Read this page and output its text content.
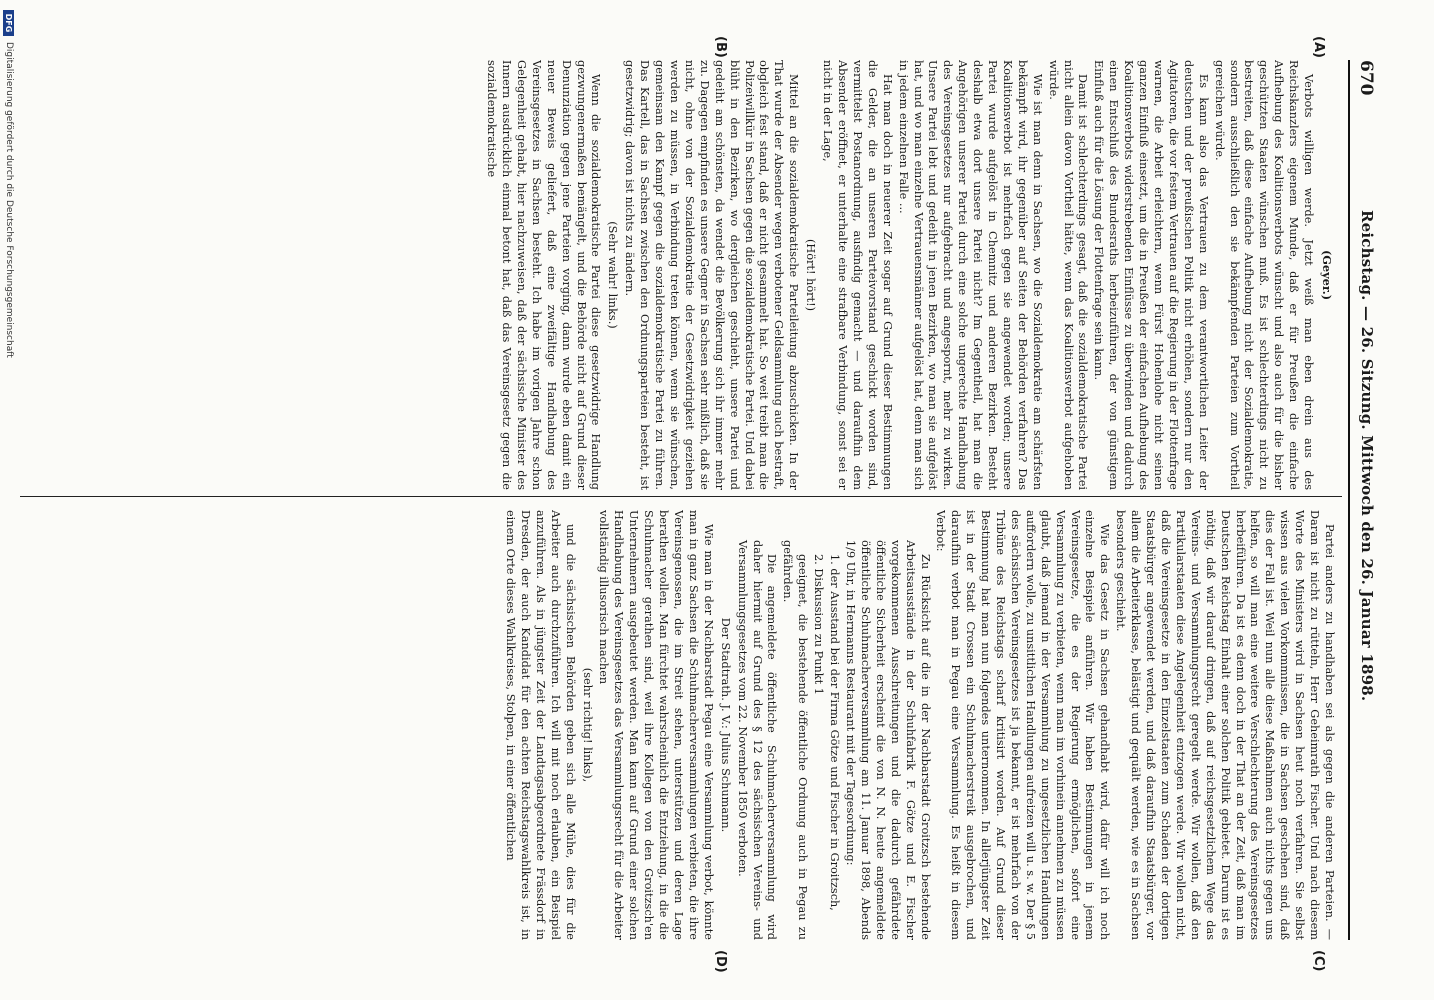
670
Reichstag. — 26. Sitzung. Mittwoch den 26. Januar 1898.
(A)
(B)
(C)
(D)
(Geyer.)

Verbots willigen werde. Jetzt weiß man eben drein aus des Reichskanzlers eigenem Munde, daß er für Preußen die einfache Aufhebung des Koalitionsverbots wünscht und also auch für die bisher geschützten Staaten wünschen muß. Es ist schlechterdings nicht zu bestreiten, daß diese einfache Aufhebung nicht der Sozialdemokratie, sondern ausschließlich den sie bekämpfenden Parteien zum Vortheil gereichen würde.

Es kann also das Vertrauen zu dem verantwortlichen Leiter der deutschen und der preußischen Politik nicht erhöhen, sondern nur den Agitatoren, die vor festem Vertrauen auf die Regierung in der Flottenfrage warnen, die Arbeit erleichtern, wenn Fürst Hohenlohe nicht seinen ganzen Einfluß einsetzt, um die in Preußen der einfachen Aufhebung des Koalitionsverbots widerstrebenden Einflüsse zu überwinden und dadurch einen Entschluß des Bundesraths herbeizuführen, der von günstigem Einfluß auch für die Lösung der Flottenfrage sein kann.

Damit ist schlechterdings gesagt, daß die sozialdemokratische Partei nicht allein davon Vortheil hätte, wenn das Koalitionsverbot aufgehoben würde.

Wie ist man denn in Sachsen, wo die Sozialdemokratie am schärfsten bekämpft wird, ihr gegenüber auf Seiten der Behörden verfahren? Das Koalitionsverbot ist mehrfach gegen sie angewendet worden; unsere Partei wurde aufgelöst in Chemnitz und anderen Bezirken. Besteht deshalb etwa dort unsere Partei nicht? Im Gegentheil, hat man die Angehörigen unserer Partei durch eine solche ungerechte Handhabung des Vereinsgesetzes nur aufgebracht und angespornt, mehr zu wirken. Unsere Partei lebt und gedeiht in jenen Bezirken, wo man sie aufgelöst hat, und wo man einzelne Vertrauensmänner aufgelöst hat, denn man sich in jedem einzelnen Falle ...

Hat man doch in neuerer Zeit sogar auf Grund dieser Bestimmungen die Gelder, die an unseren Parteivorstand geschickt worden sind, vermittelst Postanordnung, ausfindig gemacht — und daraufhin dem Absender eröffnet, er unterhalte eine strafbare Verbindung, sonst sei er nicht in der Lage,

(Hört! hört!)

Mittel an die sozialdemokratische Parteileitung abzuschicken. In der That wurde der Absender wegen verbotener Geldsammlung auch bestraft, obgleich fest stand, daß er nicht gesammelt hat. So weit treibt man die Polizeiwillkür in Sachsen gegen die sozialdemokratische Partei. Und dabei blüht in den Bezirken, wo dergleichen geschieht, unsere Partei und gedeiht am schönsten, da wendet die Bevölkerung sich ihr immer mehr zu. Dagegen empfinden es unsere Gegner in Sachsen sehr mißlich, daß sie nicht, ohne von der Sozialdemokratie der Gesetzwidrigkeit geziehen werden zu müssen, in Verbindung treten können, wenn sie wünschen, gemeinsam den Kampf gegen die sozialdemokratische Partei zu führen. Das Kartell, das in Sachsen zwischen den Ordnungsparteien besteht, ist gesetzwidrig; davon ist nichts zu ändern.

(Sehr wahr! links.)

Wenn die sozialdemokratische Partei diese gesetzwidrige Handlung gezwungenermaßen bemängelt, und die Behörde nicht auf Grund dieser Denunziation gegen jene Parteien vorging, dann wurde eben damit ein neuer Beweis geliefert, daß eine zweifältige Handhabung des Vereinsgesetzes in Sachsen besteht. Ich habe im vorigen Jahre schon Gelegenheit gehabt, hier nachzuweisen, daß der sächsische Minister des Innern ausdrücklich einmal betont hat, daß das Vereinsgesetz gegen die sozialdemokratische

Partei anders zu handhaben sei als gegen die anderen Parteien. — Daran ist nicht zu rütteln, Herr Geheimrath Fischer. Und nach diesem Worte des Ministers wird in Sachsen heut noch verfahren. Sie selbst wissen aus vielen Vorkommnissen, die in Sachsen geschehen sind, daß dies der Fall ist. Weil nun alle diese Maßnahmen auch nichts gegen uns helfen, so will man eine weitere Verschlechterung des Vereinsgesetzes herbeiführen. Da ist es denn doch in der That an der Zeit, daß man im Deutschen Reichstag Einhalt einer solchen Politik gebietet. Darum ist es nöthig, daß wir darauf dringen, daß auf reichsgesetzlichem Wege das Vereins- und Versammlungsrecht geregelt werde. Wir wollen, daß den Partikularstaaten diese Angelegenheit entzogen werde. Wir wollen nicht, daß die Vereinsgesetze in den Einzelstaaten zum Schaden der dortigen Staatsbürger angewendet werden, und daß daraufhin Staatsbürger, vor allem die Arbeiterklasse, belästigt und gequält werden, wie es in Sachsen besonders geschieht.

Wie das Gesetz in Sachsen gehandhabt wird, dafür will ich noch einzelne Beispiele anführen. Wir haben Bestimmungen in jenem Vereinsgesetze, die es der Regierung ermöglichen, sofort eine Versammlung zu verbieten, wenn man im vorhinein annehmen zu müssen glaubt, daß jemand in der Versammlung zu ungesetzlichen Handlungen auffordern wolle, zu unsittlichen Handlungen aufreizen will u. s. w. Der § 5 des sächsischen Vereinsgesetzes ist ja bekannt, er ist mehrfach von der Tribüne des Reichstags scharf kritisirt worden. Auf Grund dieser Bestimmung hat man nun folgendes unternommen. In allerjüngster Zeit ist in der Stadt Crossen ein Schuhmacherstreik ausgebrochen, und daraufhin verbot man in Pegau eine Versammlung. Es heißt in diesem Verbot:

Zu Rücksicht auf die in der Nachbarstadt Groitzsch bestehende Arbeitsausstände in der Schuhfabrik F. Götze und E. Fischer vorgekommenen Ausschreitungen und die dadurch gefährdete öffentliche Sicherheit erscheint die von N. N. heute angemeldete öffentliche Schuhmacherversammlung am 11. Januar 1898, Abends 1/9 Uhr, in Hermanns Restaurant mit der Tagesordnung:

1. der Ausstand bei der Firma Götze und Fischer in Groitzsch,

2. Diskussion zu Punkt 1

geeignet, die bestehende öffentliche Ordnung auch in Pegau zu gefährden.

Die angemeldete öffentliche Schuhmacherversammlung wird daher hiermit auf Grund des § 12 des sächsischen Vereins- und Versammlungsgesetzes vom 22. November 1850 verboten.

Der Stadtrath. J. V.: Julius Schumann.

Wie man in der Nachbarstadt Pegau eine Versammlung verbot, könnte man in ganz Sachsen die Schuhmacherversammlungen verbieten, die ihre Vereinsgenossen, die im Streit stehen, unterstützen und deren Lage berathen wollen. Man fürchtet wahrscheinlich die Entziehung, in die die Schuhmacher gerathen sind, weil ihre Kollegen von den Groitzsch'en Unternehmern ausgebeutet werden. Man kann auf Grund einer solchen Handhabung des Vereinsgesetzes das Versammlungsrecht für die Arbeiter vollständig illusorisch machen

(sehr richtig! links),

und die sächsischen Behörden geben sich alle Mühe, dies für die Arbeiter auch durchzuführen. Ich will mit noch erlauben, ein Beispiel anzuführen. Als in jüngster Zeit der Landtagsabgeordnete Frässdorf in Dresden, der auch Kandidat für den achten Reichstagswahlkreis ist, in einem Orte dieses Wahlkreises, Stolpen, in einer öffentlichen

DFG
Digitalisierung gefördert durch die Deutsche Forschungsgemeinschaft
